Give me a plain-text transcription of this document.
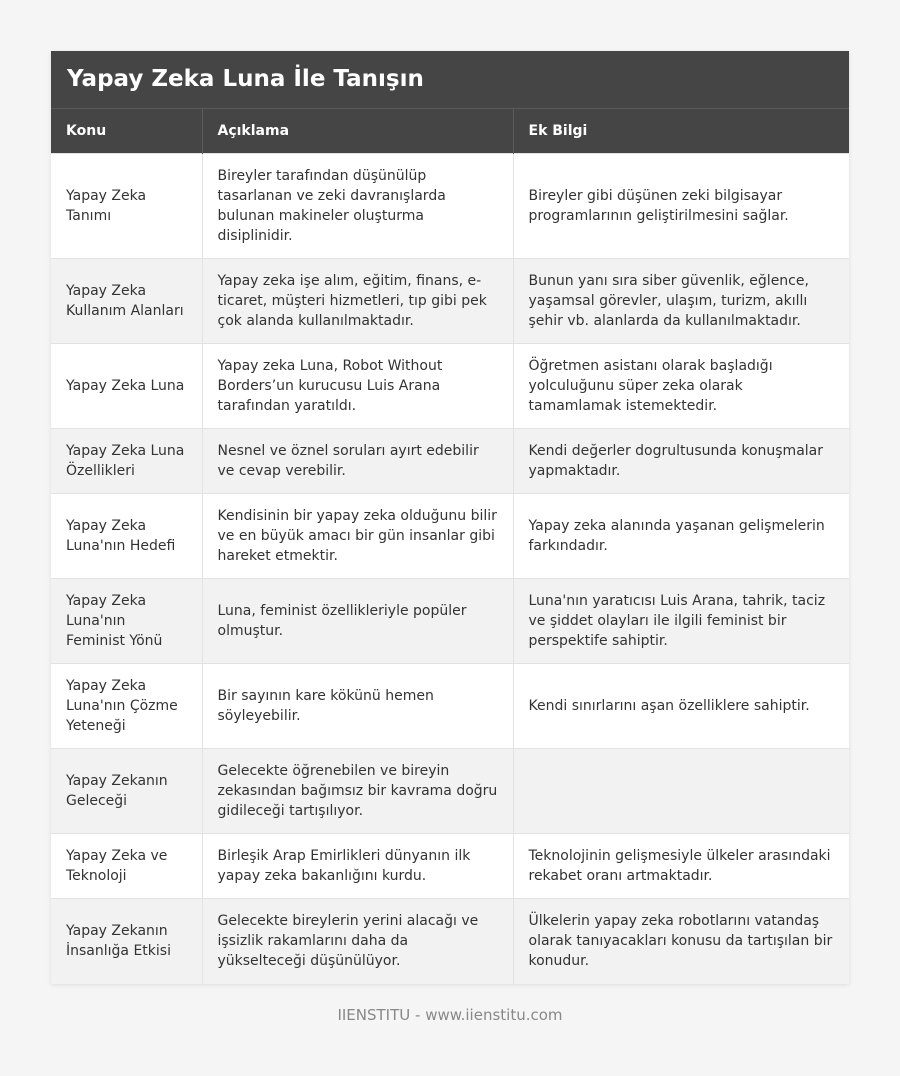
Yapay Zeka Luna İle Tanışın
Konu	Açıklama	Ek Bilgi
Yapay Zeka Tanımı	Bireyler tarafından düşünülüp tasarlanan ve zeki davranışlarda bulunan makineler oluşturma disiplinidir.	Bireyler gibi düşünen zeki bilgisayar programlarının geliştirilmesini sağlar.
Yapay Zeka Kullanım Alanları	Yapay zeka işe alım, eğitim, finans, e-ticaret, müşteri hizmetleri, tıp gibi pek çok alanda kullanılmaktadır.	Bunun yanı sıra siber güvenlik, eğlence, yaşamsal görevler, ulaşım, turizm, akıllı şehir vb. alanlarda da kullanılmaktadır.
Yapay Zeka Luna	Yapay zeka Luna, Robot Without Borders’un kurucusu Luis Arana tarafından yaratıldı.	Öğretmen asistanı olarak başladığı yolculuğunu süper zeka olarak tamamlamak istemektedir.
Yapay Zeka Luna Özellikleri	Nesnel ve öznel soruları ayırt edebilir ve cevap verebilir.	Kendi değerler dogrultusunda konuşmalar yapmaktadır.
Yapay Zeka Luna'nın Hedefi	Kendisinin bir yapay zeka olduğunu bilir ve en büyük amacı bir gün insanlar gibi hareket etmektir.	Yapay zeka alanında yaşanan gelişmelerin farkındadır.
Yapay Zeka Luna'nın Feminist Yönü	Luna, feminist özellikleriyle popüler olmuştur.	Luna'nın yaratıcısı Luis Arana, tahrik, taciz ve şiddet olayları ile ilgili feminist bir perspektife sahiptir.
Yapay Zeka Luna'nın Çözme Yeteneği	Bir sayının kare kökünü hemen söyleyebilir.	Kendi sınırlarını aşan özelliklere sahiptir.
Yapay Zekanın Geleceği	Gelecekte öğrenebilen ve bireyin zekasından bağımsız bir kavrama doğru gidileceği tartışılıyor.	
Yapay Zeka ve Teknoloji	Birleşik Arap Emirlikleri dünyanın ilk yapay zeka bakanlığını kurdu.	Teknolojinin gelişmesiyle ülkeler arasındaki rekabet oranı artmaktadır.
Yapay Zekanın İnsanlığa Etkisi	Gelecekte bireylerin yerini alacağı ve işsizlik rakamlarını daha da yükselteceği düşünülüyor.	Ülkelerin yapay zeka robotlarını vatandaş olarak tanıyacakları konusu da tartışılan bir konudur.
IIENSTITU - www.iienstitu.com
